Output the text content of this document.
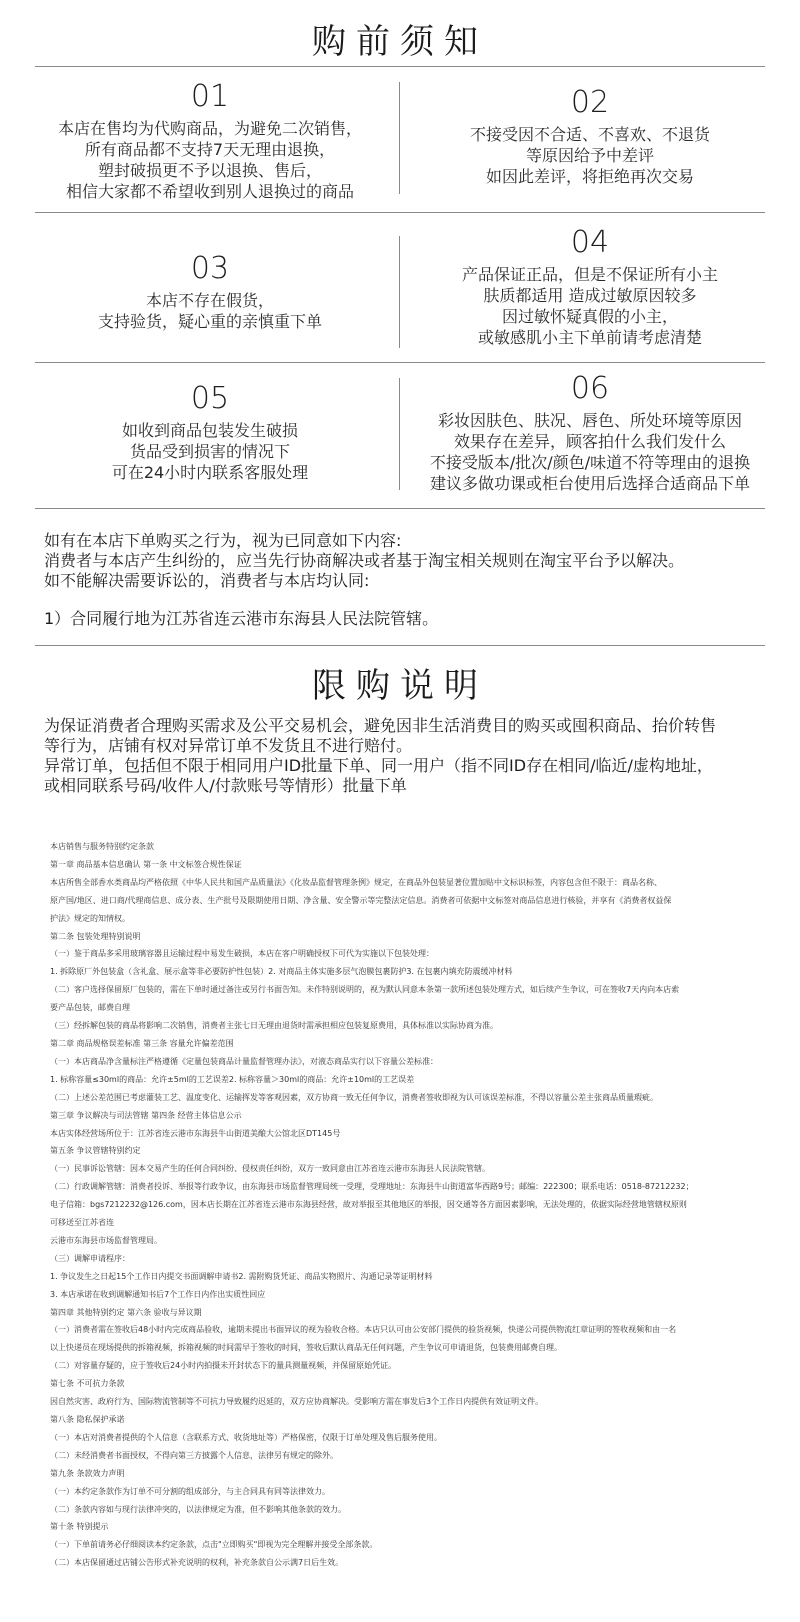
购前须知
01
本店在售均为代购商品，为避免二次销售，
所有商品都不支持7天无理由退换，
塑封破损更不予以退换、售后，
相信大家都不希望收到别人退换过的商品
02
不接受因不合适、不喜欢、不退货
等原因给予中差评
如因此差评，将拒绝再次交易
03
本店不存在假货，
支持验货，疑心重的亲慎重下单
04
产品保证正品，但是不保证所有小主
肤质都适用 造成过敏原因较多
因过敏怀疑真假的小主，
或敏感肌小主下单前请考虑清楚
05
如收到商品包装发生破损
货品受到损害的情况下
可在24小时内联系客服处理
06
彩妆因肤色、肤况、唇色、所处环境等原因
效果存在差异，顾客拍什么我们发什么
不接受版本/批次/颜色/味道不符等理由的退换
建议多做功课或柜台使用后选择合适商品下单
如有在本店下单购买之行为，视为已同意如下内容:
消费者与本店产生纠纷的，应当先行协商解决或者基于淘宝相关规则在淘宝平台予以解决。
如不能解决需要诉讼的，消费者与本店均认同:
1）合同履行地为江苏省连云港市东海县人民法院管辖。
限购说明
为保证消费者合理购买需求及公平交易机会，避免因非生活消费目的购买或囤积商品、抬价转售
等行为，店铺有权对异常订单不发货且不进行赔付。
异常订单，包括但不限于相同用户ID批量下单、同一用户（指不同ID存在相同/临近/虚构地址，
或相同联系号码/收件人/付款账号等情形）批量下单

本店销售与服务特别约定条款

第一章 商品基本信息确认 第一条 中文标签合规性保证

本店所售全部香水类商品均严格依照《中华人民共和国产品质量法》《化妆品监督管理条例》规定，在商品外包装显著位置加贴中文标识标签，内容包含但不限于：商品名称、

原产国/地区、进口商/代理商信息、成分表、生产批号及限期使用日期、净含量、安全警示等完整法定信息。消费者可依据中文标签对商品信息进行核验，并享有《消费者权益保

护法》规定的知情权。

第二条 包装处理特别说明

（一）鉴于商品多采用玻璃容器且运输过程中易发生破损，本店在客户明确授权下可代为实施以下包装处理：

1. 拆除原厂外包装盒（含礼盒、展示盒等非必要防护性包装）2. 对商品主体实施多层气泡膜包裹防护3. 在包裹内填充防震缓冲材料

（二）客户选择保留原厂包装的，需在下单时通过备注或另行书面告知。未作特别说明的，视为默认同意本条第一款所述包装处理方式，如后续产生争议，可在签收7天内向本店索

要产品包装，邮费自理

（三）经拆解包装的商品将影响二次销售，消费者主张七日无理由退货时需承担相应包装复原费用，具体标准以实际协商为准。

第二章 商品规格误差标准 第三条 容量允许偏差范围

（一）本店商品净含量标注严格遵循《定量包装商品计量监督管理办法》，对液态商品实行以下容量公差标准：

1. 标称容量≤30ml的商品：允许±5ml的工艺误差2. 标称容量＞30ml的商品：允许±10ml的工艺误差

（二）上述公差范围已考虑灌装工艺、温度变化、运输挥发等客观因素，双方协商一致无任何争议，消费者签收即视为认可该误差标准，不得以容量公差主张商品质量瑕疵。

第三章 争议解决与司法管辖 第四条 经营主体信息公示

本店实体经营场所位于：江苏省连云港市东海县牛山街道美酿大公馆北区DT145号

第五条 争议管辖特别约定

（一）民事诉讼管辖：因本交易产生的任何合同纠纷、侵权责任纠纷，双方一致同意由江苏省连云港市东海县人民法院管辖。

（二）行政调解管辖：消费者投诉、举报等行政争议，由东海县市场监督管理局统一受理，受理地址：东海县牛山街道富华西路9号；邮编：222300；联系电话：0518-87212232；

电子信箱：bgs7212232@126.com，因本店长期在江苏省连云港市东海县经营，故对举报至其他地区的举报，因交通等各方面因素影响，无法处理的，依据实际经营地管辖权原则

可移送至江苏省连

云港市东海县市场监督管理局。

（三）调解申请程序：

1. 争议发生之日起15个工作日内提交书面调解申请书2. 需附购货凭证、商品实物照片、沟通记录等证明材料

3. 本店承诺在收到调解通知书后7个工作日内作出实质性回应

第四章 其他特别约定 第六条 验收与异议期

（一）消费者需在签收后48小时内完成商品验收，逾期未提出书面异议的视为验收合格。本店只认可由公安部门提供的验货视频，快递公司提供物流红章证明的签收视频和由一名

以上快递员在现场提供的拆箱视频，拆箱视频的时间需早于签收的时间，签收后默认商品无任何问题，产生争议可申请退货，包装费用邮费自理。

（二）对容量存疑的，应于签收后24小时内拍摄未开封状态下的量具测量视频，并保留原始凭证。

第七条 不可抗力条款

因自然灾害、政府行为、国际物流管制等不可抗力导致履约迟延的，双方应协商解决。受影响方需在事发后3个工作日内提供有效证明文件。

第八条 隐私保护承诺

（一）本店对消费者提供的个人信息（含联系方式、收货地址等）严格保密，仅限于订单处理及售后服务使用。

（二）未经消费者书面授权，不得向第三方披露个人信息，法律另有规定的除外。

第九条 条款效力声明

（一）本约定条款作为订单不可分割的组成部分，与主合同具有同等法律效力。

（二）条款内容如与现行法律冲突的，以法律规定为准，但不影响其他条款的效力。

第十条 特别提示

（一）下单前请务必仔细阅读本约定条款，点击"立即购买"即视为完全理解并接受全部条款。

（二）本店保留通过店铺公告形式补充说明的权利，补充条款自公示满7日后生效。
